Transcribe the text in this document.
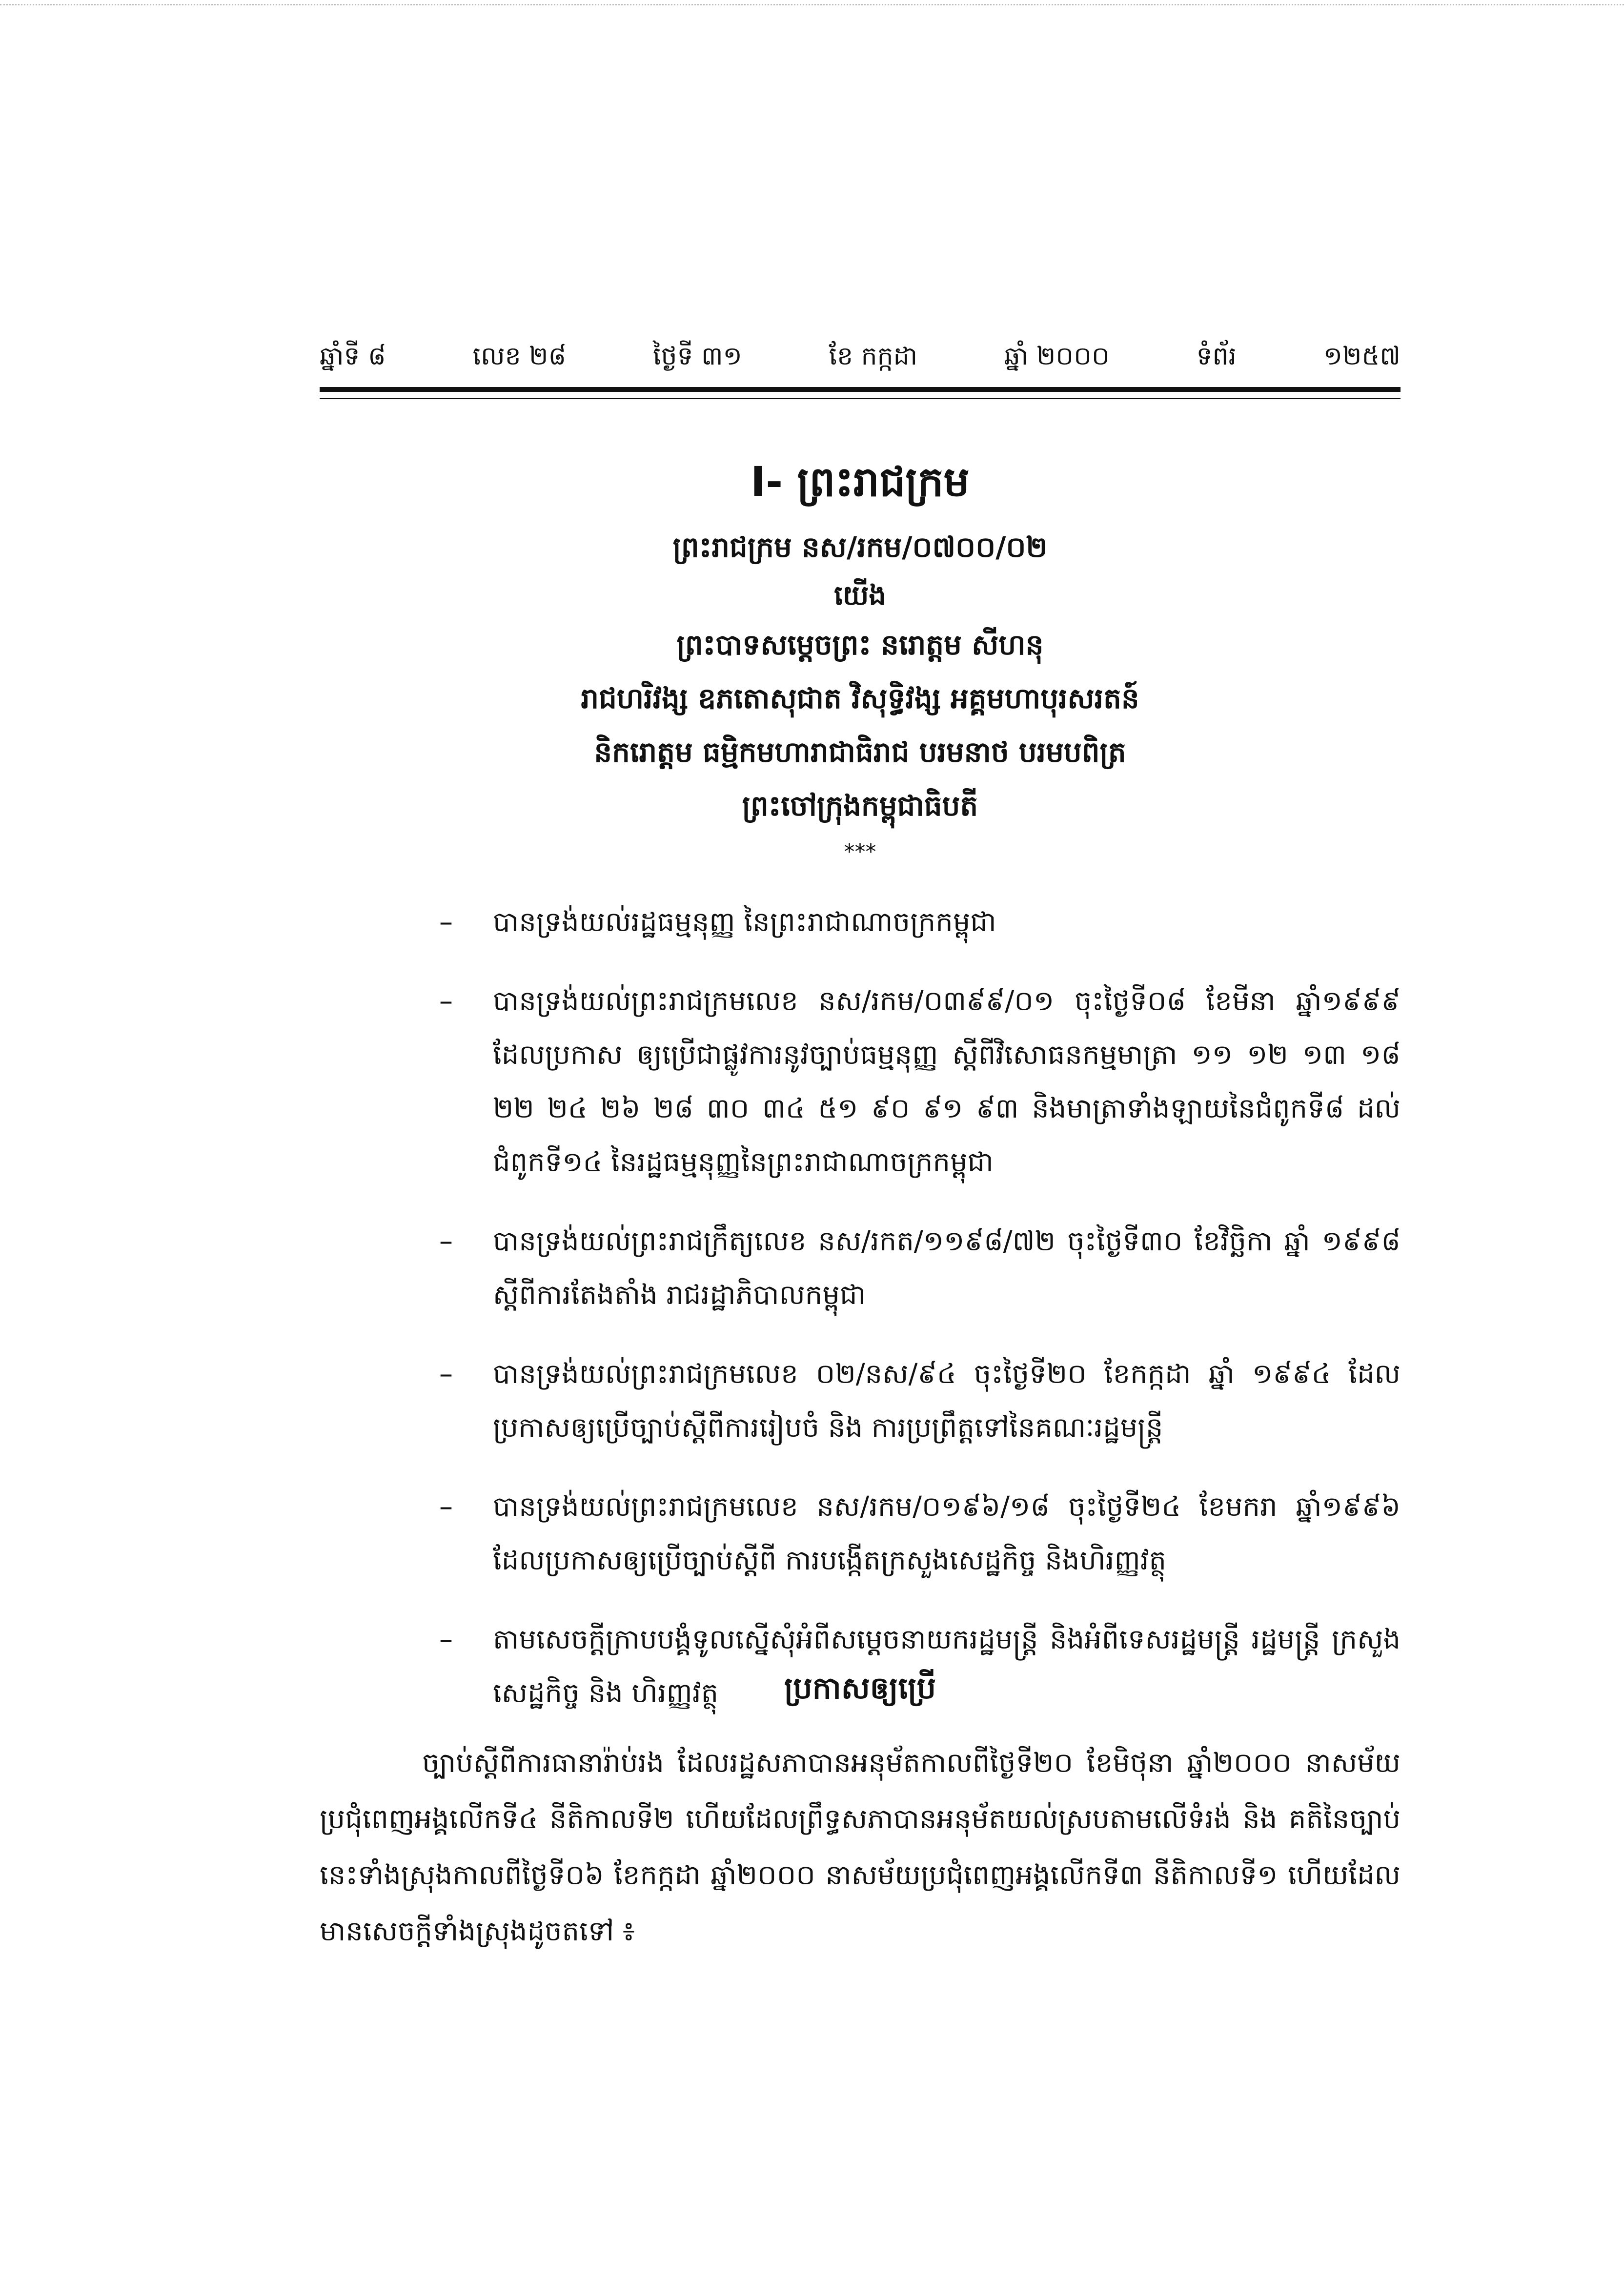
ឆ្នាំទី ៨	លេខ ២៨	ថ្ងៃទី ៣១	ខែ កក្កដា	ឆ្នាំ ២០០០	ទំព័រ	១២៥៧
I- ព្រះរាជក្រម
ព្រះរាជក្រម នស/រកម/០៧០០/០២
យើង
ព្រះបាទសម្តេចព្រះ នរោត្តម សីហនុ
រាជហរិវង្ស ឧភតោសុជាត វិសុទ្ធិវង្ស អគ្គមហាបុរសរតន៍
និករោត្តម ធម្មិកមហារាជាធិរាជ បរមនាថ បរមបពិត្រ
ព្រះចៅក្រុងកម្ពុជាធិបតី
***
– បានទ្រង់យល់រដ្ឋធម្មនុញ្ញ នៃព្រះរាជាណាចក្រកម្ពុជា
– បានទ្រង់យល់ព្រះរាជក្រមលេខ នស/រកម/០៣៩៩/០១ ចុះថ្ងៃទី០៨ ខែមីនា ឆ្នាំ១៩៩៩ ដែលប្រកាស ឲ្យប្រើជាផ្លូវការនូវច្បាប់ធម្មនុញ្ញ ស្តីពីវិសោធនកម្មមាត្រា ១១ ១២ ១៣ ១៨ ២២ ២៤ ២៦ ២៨ ៣០ ៣៤ ៥១ ៩០ ៩១ ៩៣ និងមាត្រាទាំងឡាយនៃជំពូកទី៨ ដល់ជំពូកទី១៤ នៃរដ្ឋធម្មនុញ្ញនៃព្រះរាជាណាចក្រកម្ពុជា
– បានទ្រង់យល់ព្រះរាជក្រឹត្យលេខ នស/រកត/១១៩៨/៧២ ចុះថ្ងៃទី៣០ ខែវិច្ឆិកា ឆ្នាំ ១៩៩៨ ស្តីពីការតែងតាំង រាជរដ្ឋាភិបាលកម្ពុជា
– បានទ្រង់យល់ព្រះរាជក្រមលេខ ០២/នស/៩៤ ចុះថ្ងៃទី២០ ខែកក្កដា ឆ្នាំ ១៩៩៤ ដែល ប្រកាសឲ្យប្រើច្បាប់ស្តីពីការរៀបចំ និង ការប្រព្រឹត្តទៅនៃគណៈរដ្ឋមន្ត្រី
– បានទ្រង់យល់ព្រះរាជក្រមលេខ នស/រកម/០១៩៦/១៨ ចុះថ្ងៃទី២៤ ខែមករា ឆ្នាំ១៩៩៦ ដែលប្រកាសឲ្យប្រើច្បាប់ស្តីពី ការបង្កើតក្រសួងសេដ្ឋកិច្ច និងហិរញ្ញវត្ថុ
– តាមសេចក្តីក្រាបបង្គំទូលស្នើសុំអំពីសម្តេចនាយករដ្ឋមន្ត្រី និងអំពីទេសរដ្ឋមន្ត្រី រដ្ឋមន្ត្រី ក្រសួងសេដ្ឋកិច្ច និង ហិរញ្ញវត្ថុ	ប្រកាសឲ្យប្រើ

ច្បាប់ស្តីពីការធានារ៉ាប់រង ដែលរដ្ឋសភាបានអនុម័តកាលពីថ្ងៃទី២០ ខែមិថុនា ឆ្នាំ២០០០ នាសម័យប្រជុំពេញអង្គលើកទី៤ នីតិកាលទី២ ហើយដែលព្រឹទ្ធសភាបានអនុម័តយល់ស្របតាមលើទំរង់ និង គតិនៃច្បាប់នេះទាំងស្រុងកាលពីថ្ងៃទី០៦ ខែកក្កដា ឆ្នាំ២០០០ នាសម័យប្រជុំពេញអង្គលើកទី៣ នីតិកាលទី១ ហើយដែលមានសេចក្តីទាំងស្រុងដូចតទៅ ៖
